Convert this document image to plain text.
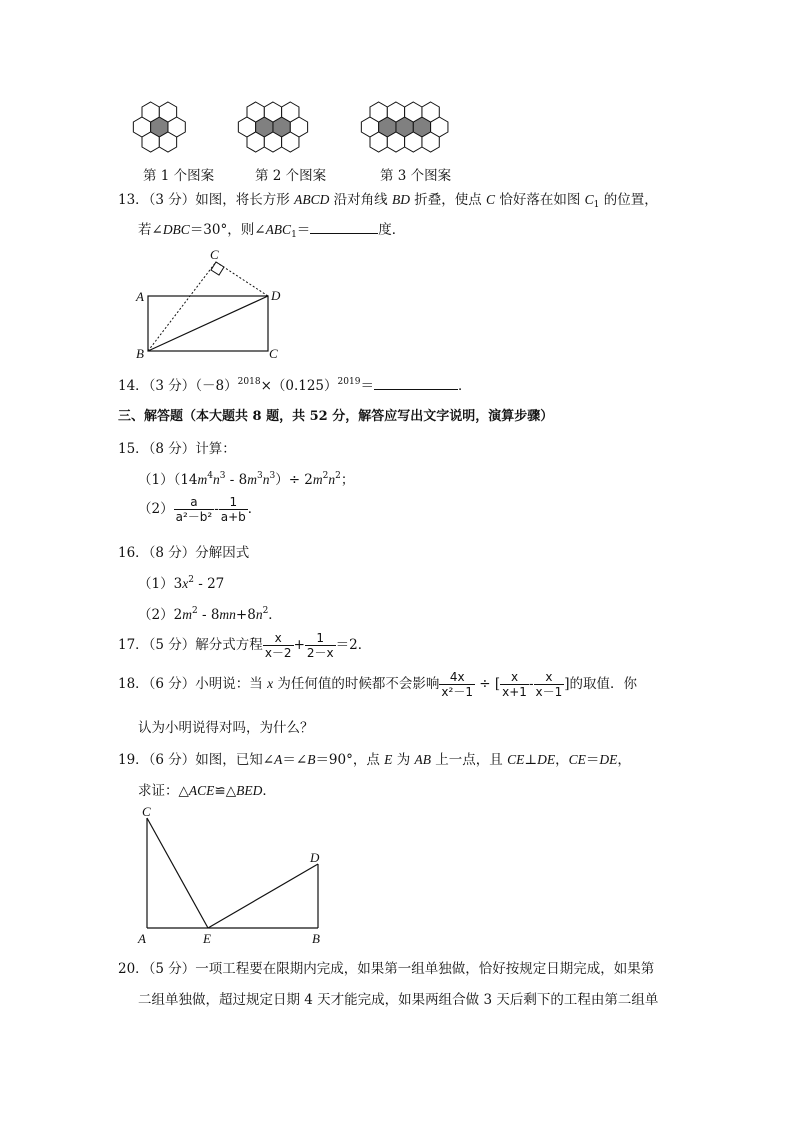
第 1 个图案	第 2 个图案	第 3 个图案
13．（3 分）如图，将长方形 ABCD 沿对角线 BD 折叠，使点 C 恰好落在如图 $C_1$ 的位置，
若∠DBC＝30°，则$\angle ABC_1=$	度．
C
A	D
B	C
14．（3 分）$(-8)^{2018}\times(0.125)^{2019}=$	．
三、解答题（本大题共 8 题，共 52 分，解答应写出文字说明，演算步骤）
15．（8 分）计算：
$(1)(14m^4n^3 - 8m^3n^3)\div 2m^2n^2$；
$(2) \frac{a}{\text{a²－b²}} - \frac{1}{a+b}$ ．
16．（8 分）分解因式
$(1)3x^2 - 27$
$(2)2m^2 - 8mn+8n^2$．
17．（5 分）解分式方程 $\frac{x}{x-2} + \frac{1}{2-x} =2$．
18．（6 分）小明说：当 x 为任何值的时候都不会影响 $\frac{4x}{\text{x²－1}}$ ÷ [ $\frac{x}{x+1} - \frac{x}{x-1}$ ]的取值．你
认为小明说得对吗，为什么？
19．（6 分）如图，已知∠A＝∠B＝90°，点 E 为 AB 上一点，且 CE⊥DE，CE＝DE，
求证：△ACE≌△BED．
C
D
A	E	B
20．（5 分）一项工程要在限期内完成，如果第一组单独做，恰好按规定日期完成，如果第
二组单独做，超过规定日期 4 天才能完成，如果两组合做 3 天后剩下的工程由第二组单
